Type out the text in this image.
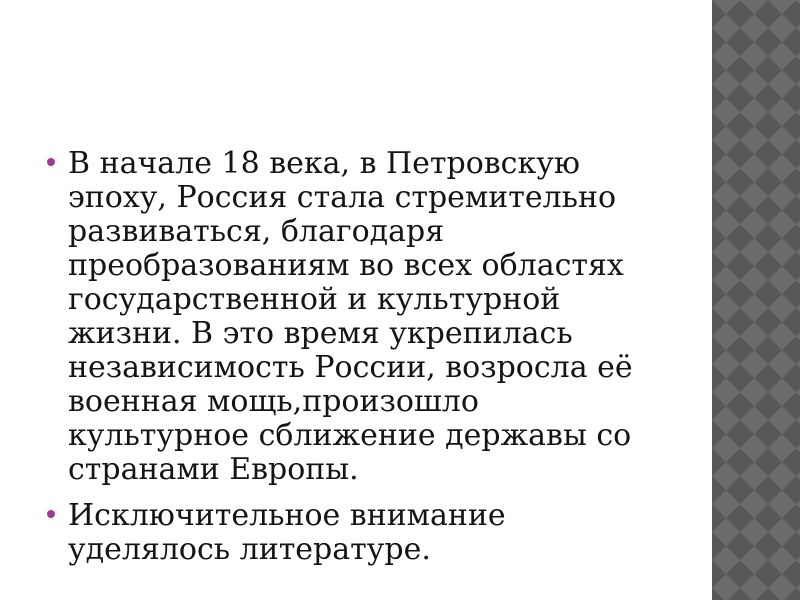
В начале 18 века, в Петровскую эпоху, Россия стала стремительно развиваться, благодаря преобразованиям во всех областях государственной и культурной жизни. В это время укрепилась независимость России, возросла её военная мощь,произошло культурное сближение державы со странами Европы.
Исключительное внимание уделялось литературе.
